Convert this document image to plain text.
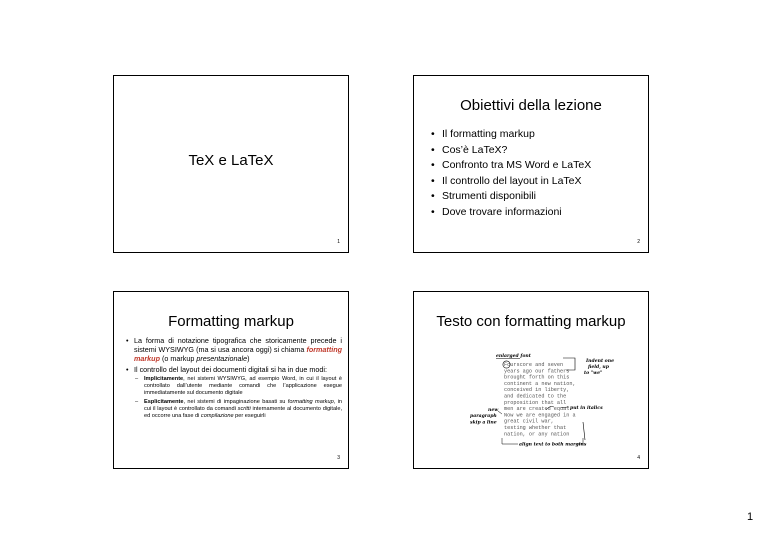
TeX e LaTeX
1
Obiettivi della lezione
• Il formatting markup
• Cos’è LaTeX?
• Confronto tra MS Word e LaTeX
• Il controllo del layout in LaTeX
• Strumenti disponibili
• Dove trovare informazioni
2
Formatting markup
• La forma di notazione tipografica che storicamente precede i sistemi WYSIWYG (ma si usa ancora oggi) si chiama formatting markup (o markup presentazionale)
• Il controllo del layout dei documenti digitali si ha in due modi:
– Implicitamente, nei sistemi WYSIWYG, ad esempio Word, in cui il layout è controllato dall’utente mediante comandi che l’applicazione esegue immediatamente sul documento digitale
– Esplicitamente, nei sistemi di impaginazione basati su formatting markup, in cui il layout è controllato da comandi scritti internamente al documento digitale, ed occorre una fase di compilazione per eseguirli
3
Testo con formatting markup
enlarged font
Fourscore and seven
years ago our fathers
brought forth on this
continent a new nation,
conceived in liberty,
and dedicated to the
proposition that all
men are created equal.
Now we are engaged in a
great civil war,
testing whether that
nation, or any nation
Indent one
field, up
to "we"
put in italics
new
paragraph
skip a line
align text to both margins
4
1
